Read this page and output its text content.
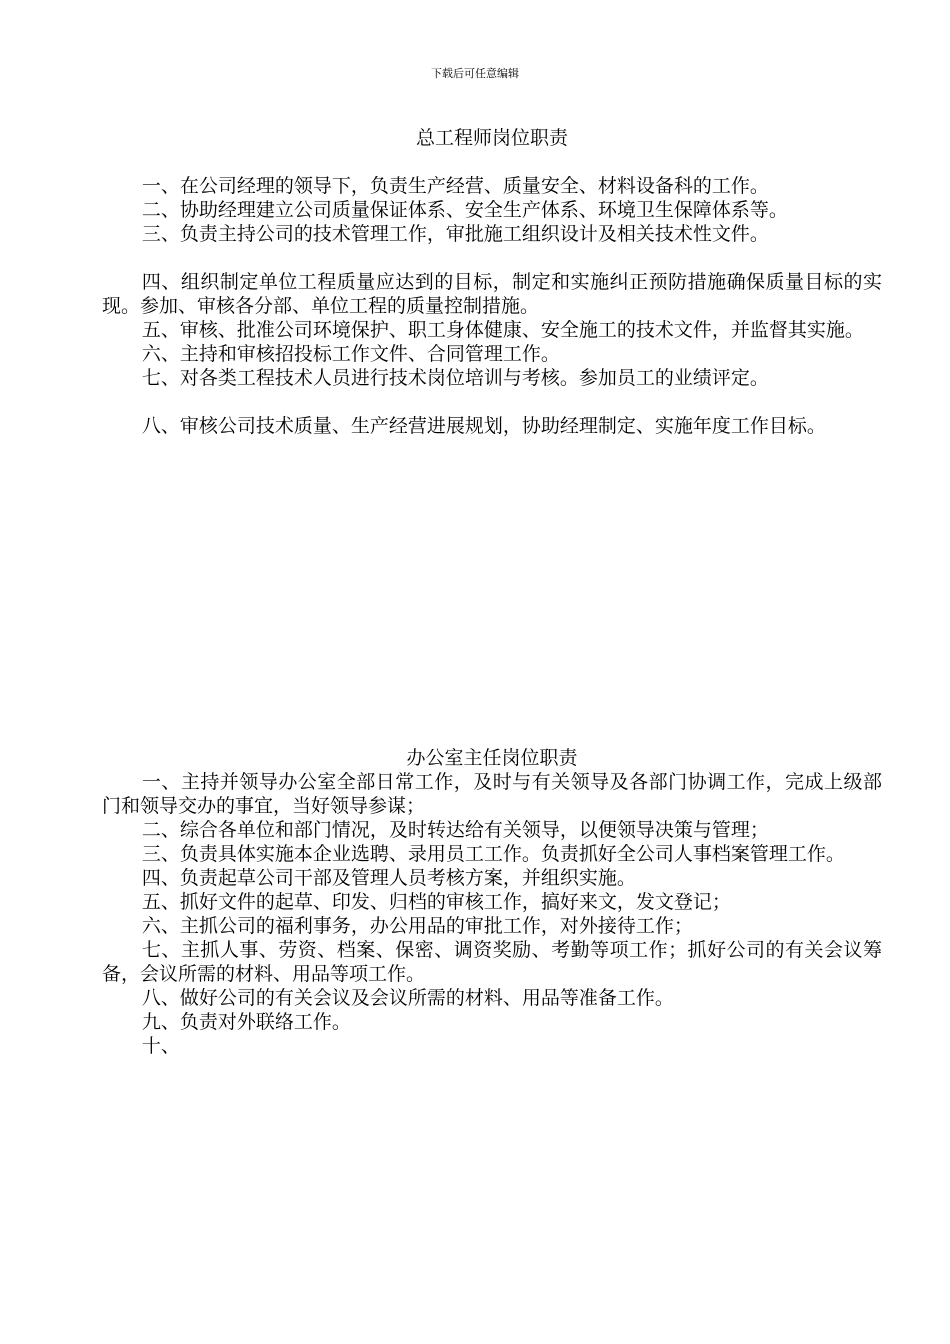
下载后可任意编辑

总工程师岗位职责

一、在公司经理的领导下，负责生产经营、质量安全、材料设备科的工作。

二、协助经理建立公司质量保证体系、安全生产体系、环境卫生保障体系等。

三、负责主持公司的技术管理工作，审批施工组织设计及相关技术性文件。

四、组织制定单位工程质量应达到的目标，制定和实施纠正预防措施确保质量目标的实现。参加、审核各分部、单位工程的质量控制措施。

五、审核、批准公司环境保护、职工身体健康、安全施工的技术文件，并监督其实施。

六、主持和审核招投标工作文件、合同管理工作。

七、对各类工程技术人员进行技术岗位培训与考核。参加员工的业绩评定。

八、审核公司技术质量、生产经营进展规划，协助经理制定、实施年度工作目标。

办公室主任岗位职责

一、主持并领导办公室全部日常工作，及时与有关领导及各部门协调工作，完成上级部门和领导交办的事宜，当好领导参谋；

二、综合各单位和部门情况，及时转达给有关领导，以便领导决策与管理；

三、负责具体实施本企业选聘、录用员工工作。负责抓好全公司人事档案管理工作。

四、负责起草公司干部及管理人员考核方案，并组织实施。

五、抓好文件的起草、印发、归档的审核工作，搞好来文，发文登记；

六、主抓公司的福利事务，办公用品的审批工作，对外接待工作；

七、主抓人事、劳资、档案、保密、调资奖励、考勤等项工作；抓好公司的有关会议筹备，会议所需的材料、用品等项工作。

八、做好公司的有关会议及会议所需的材料、用品等准备工作。

九、负责对外联络工作。

十、
